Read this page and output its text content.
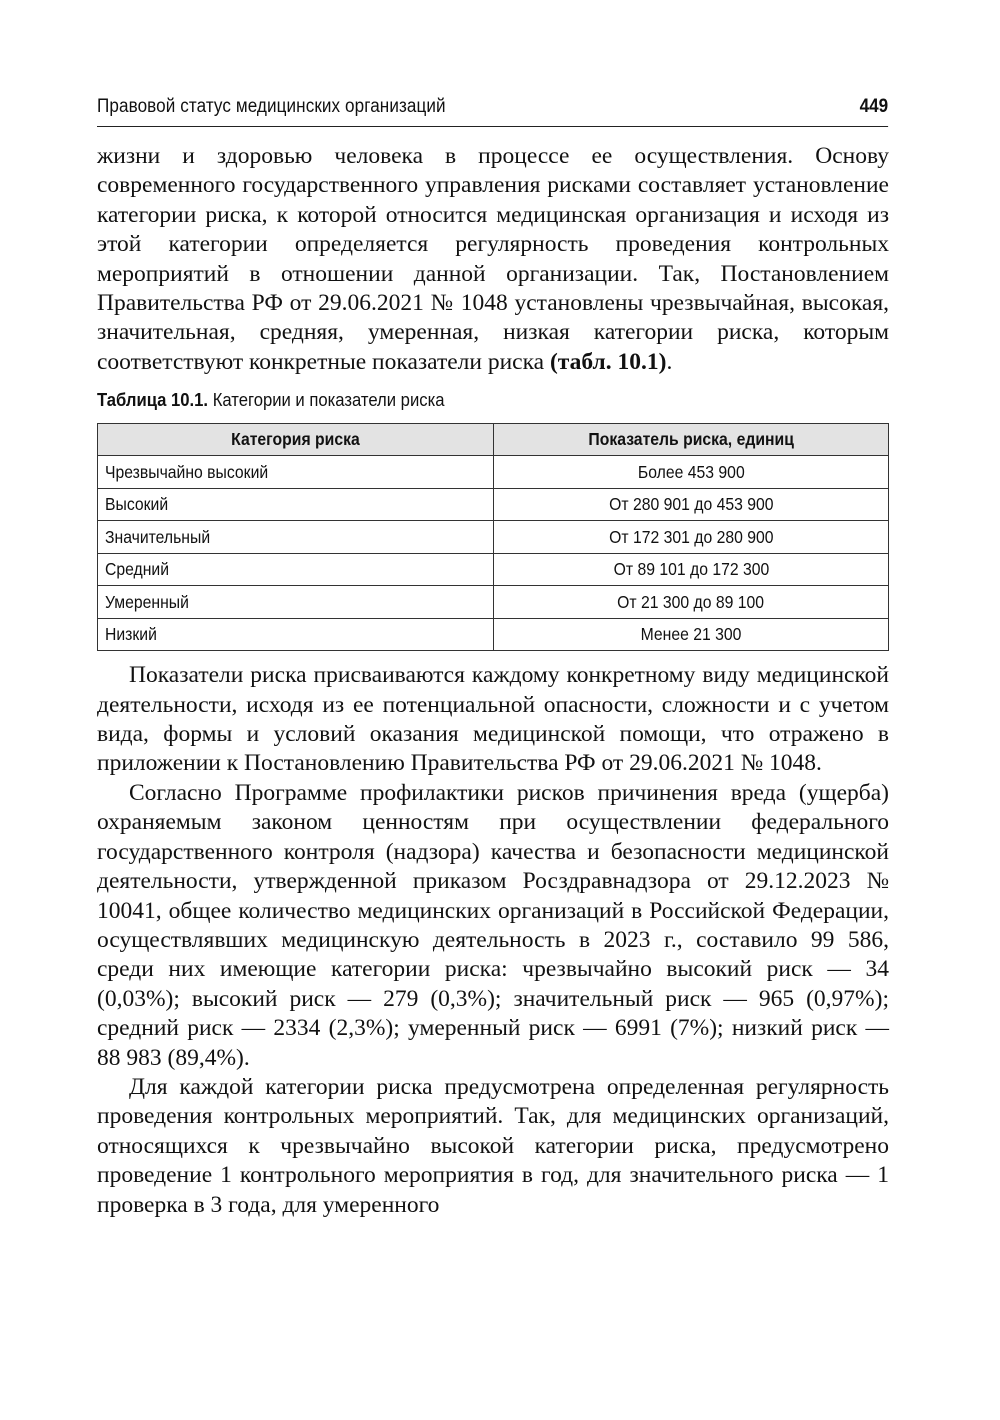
Правовой статус медицинских организаций	449

жизни и здоровью человека в процессе ее осуществления. Основу современного государственного управления рисками составляет установление категории риска, к которой относится медицинская организация и исходя из этой категории определяется регулярность проведения контрольных мероприятий в отношении данной организации. Так, Постановлением Правительства РФ от 29.06.2021 № 1048 установлены чрезвычайная, высокая, значительная, средняя, умеренная, низкая категории риска, которым соответствуют конкретные показатели риска (табл. 10.1).

Таблица 10.1. Категории и показатели риска

Категория риска	Показатель риска, единиц
Чрезвычайно высокий	Более 453 900
Высокий	От 280 901 до 453 900
Значительный	От 172 301 до 280 900
Средний	От 89 101 до 172 300
Умеренный	От 21 300 до 89 100
Низкий	Менее 21 300

Показатели риска присваиваются каждому конкретному виду медицинской деятельности, исходя из ее потенциальной опасности, сложности и с учетом вида, формы и условий оказания медицинской помощи, что отражено в приложении к Постановлению Правительства РФ от 29.06.2021 № 1048.

Согласно Программе профилактики рисков причинения вреда (ущерба) охраняемым законом ценностям при осуществлении федерального государственного контроля (надзора) качества и безопасности медицинской деятельности, утвержденной приказом Росздравнадзора от 29.12.2023 № 10041, общее количество медицинских организаций в Российской Федерации, осуществлявших медицинскую деятельность в 2023 г., составило 99 586, среди них имеющие категории риска: чрезвычайно высокий риск — 34 (0,03%); высокий риск — 279 (0,3%); значительный риск — 965 (0,97%); средний риск — 2334 (2,3%); умеренный риск — 6991 (7%); низкий риск — 88 983 (89,4%).

Для каждой категории риска предусмотрена определенная регулярность проведения контрольных мероприятий. Так, для медицинских организаций, относящихся к чрезвычайно высокой категории риска, предусмотрено проведение 1 контрольного мероприятия в год, для значительного риска — 1 проверка в 3 года, для умеренного
